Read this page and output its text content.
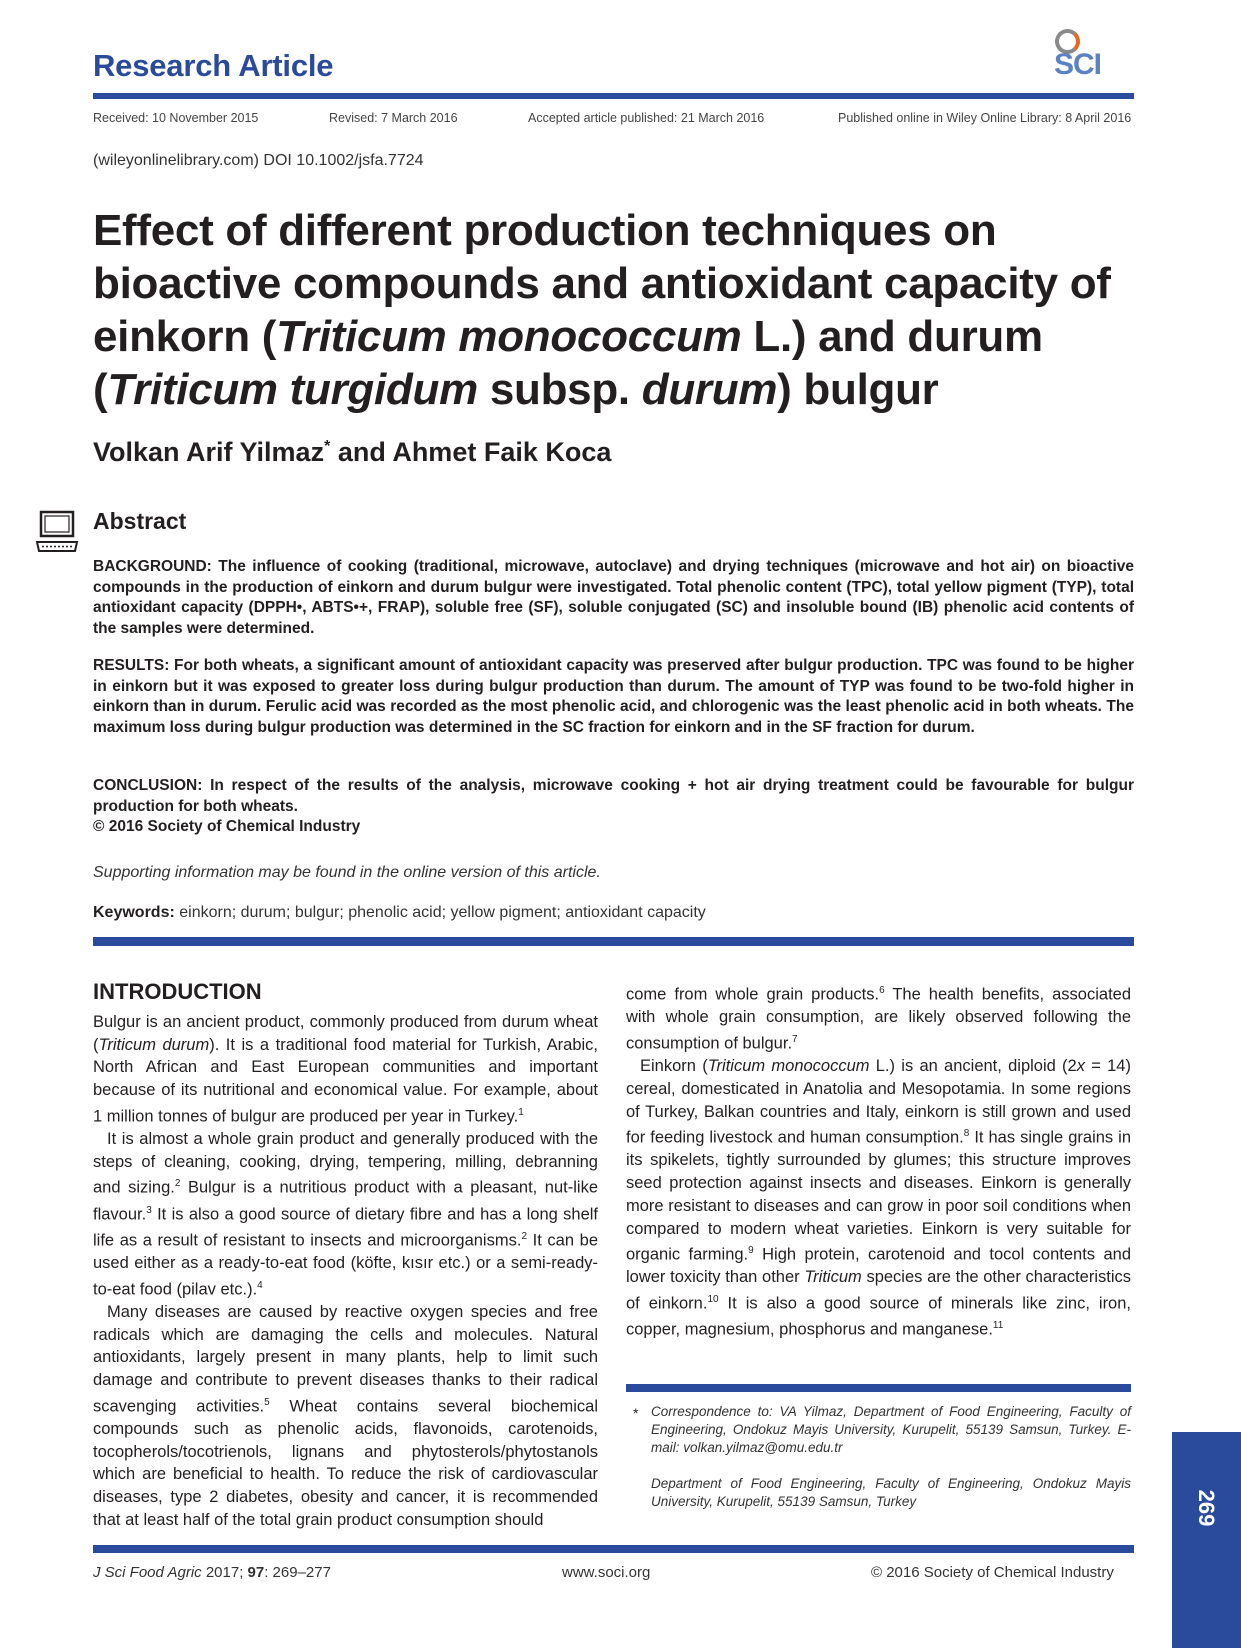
Research Article	SCI
Received: 10 November 2015	Revised: 7 March 2016	Accepted article published: 21 March 2016	Published online in Wiley Online Library: 8 April 2016
(wileyonlinelibrary.com) DOI 10.1002/jsfa.7724
Effect of different production techniques on bioactive compounds and antioxidant capacity of einkorn (Triticum monococcum L.) and durum (Triticum turgidum subsp. durum) bulgur
Volkan Arif Yilmaz* and Ahmet Faik Koca
Abstract

BACKGROUND: The influence of cooking (traditional, microwave, autoclave) and drying techniques (microwave and hot air) on bioactive compounds in the production of einkorn and durum bulgur were investigated. Total phenolic content (TPC), total yellow pigment (TYP), total antioxidant capacity (DPPH•, ABTS•+, FRAP), soluble free (SF), soluble conjugated (SC) and insoluble bound (IB) phenolic acid contents of the samples were determined.

RESULTS: For both wheats, a significant amount of antioxidant capacity was preserved after bulgur production. TPC was found to be higher in einkorn but it was exposed to greater loss during bulgur production than durum. The amount of TYP was found to be two-fold higher in einkorn than in durum. Ferulic acid was recorded as the most phenolic acid, and chlorogenic was the least phenolic acid in both wheats. The maximum loss during bulgur production was determined in the SC fraction for einkorn and in the SF fraction for durum.

CONCLUSION: In respect of the results of the analysis, microwave cooking + hot air drying treatment could be favourable for bulgur production for both wheats.
© 2016 Society of Chemical Industry

Supporting information may be found in the online version of this article.
Keywords: einkorn; durum; bulgur; phenolic acid; yellow pigment; antioxidant capacity
INTRODUCTION

Bulgur is an ancient product, commonly produced from durum wheat (Triticum durum). It is a traditional food material for Turkish, Arabic, North African and East European communities and important because of its nutritional and economical value. For example, about 1 million tonnes of bulgur are produced per year in Turkey.$^1$

It is almost a whole grain product and generally produced with the steps of cleaning, cooking, drying, tempering, milling, debranning and sizing.$^2$ Bulgur is a nutritious product with a pleasant, nut-like flavour.$^3$ It is also a good source of dietary fibre and has a long shelf life as a result of resistant to insects and microorganisms.$^2$ It can be used either as a ready-to-eat food (köfte, kısır etc.) or a semi-ready-to-eat food (pilav etc.).$^4$

Many diseases are caused by reactive oxygen species and free radicals which are damaging the cells and molecules. Natural antioxidants, largely present in many plants, help to limit such damage and contribute to prevent diseases thanks to their radical scavenging activities.$^5$ Wheat contains several biochemical compounds such as phenolic acids, flavonoids, carotenoids, tocopherols/tocotrienols, lignans and phytosterols/phytostanols which are beneficial to health. To reduce the risk of cardiovascular diseases, type 2 diabetes, obesity and cancer, it is recommended that at least half of the total grain product consumption should

come from whole grain products.$^6$ The health benefits, associated with whole grain consumption, are likely observed following the consumption of bulgur.$^7$

Einkorn (Triticum monococcum L.) is an ancient, diploid (2x = 14) cereal, domesticated in Anatolia and Mesopotamia. In some regions of Turkey, Balkan countries and Italy, einkorn is still grown and used for feeding livestock and human consumption.$^8$ It has single grains in its spikelets, tightly surrounded by glumes; this structure improves seed protection against insects and diseases. Einkorn is generally more resistant to diseases and can grow in poor soil conditions when compared to modern wheat varieties. Einkorn is very suitable for organic farming.$^9$ High protein, carotenoid and tocol contents and lower toxicity than other Triticum species are the other characteristics of einkorn.$^{10}$ It is also a good source of minerals like zinc, iron, copper, magnesium, phosphorus and manganese.$^{11}$

* Correspondence to: VA Yilmaz, Department of Food Engineering, Faculty of Engineering, Ondokuz Mayis University, Kurupelit, 55139 Samsun, Turkey. E-mail: volkan.yilmaz@omu.edu.tr

Department of Food Engineering, Faculty of Engineering, Ondokuz Mayis University, Kurupelit, 55139 Samsun, Turkey	269
J Sci Food Agric 2017; 97: 269–277	www.soci.org	© 2016 Society of Chemical Industry
